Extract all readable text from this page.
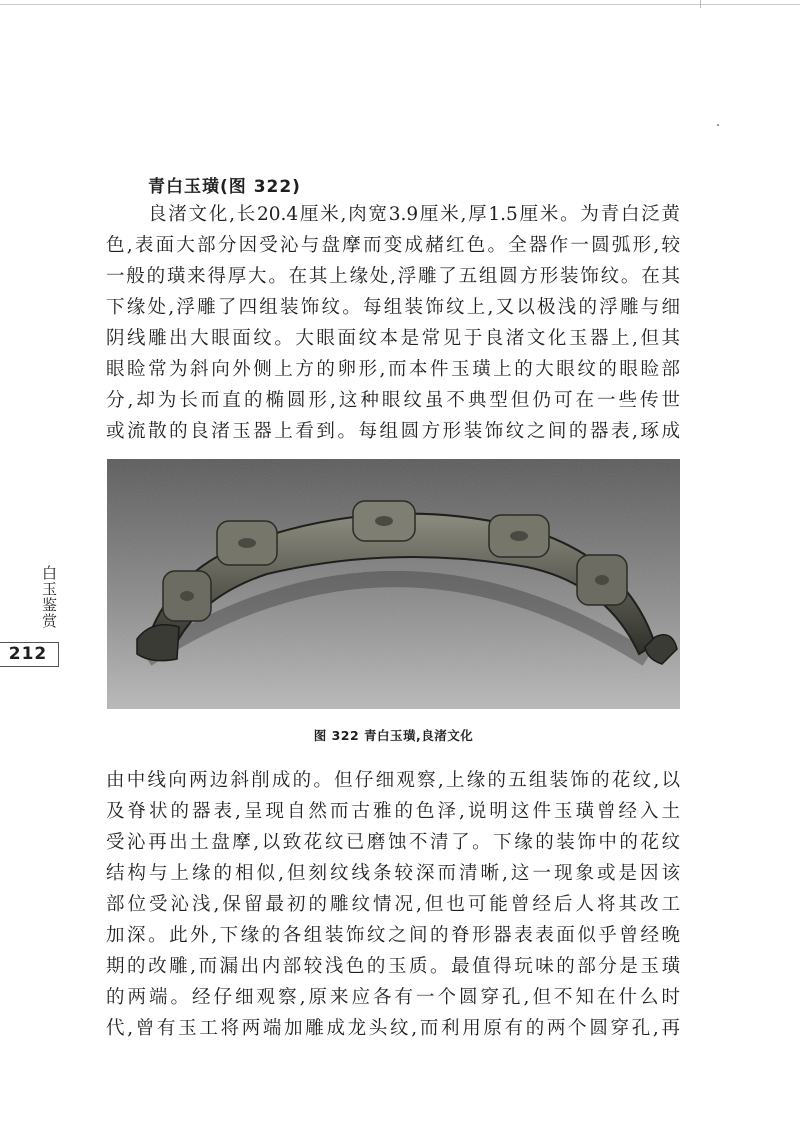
青白玉璜(图 322)
良渚文化,长20.4厘米,肉宽3.9厘米,厚1.5厘米。为青白泛黄
色,表面大部分因受沁与盘摩而变成赭红色。全器作一圆弧形,较
一般的璜来得厚大。在其上缘处,浮雕了五组圆方形装饰纹。在其
下缘处,浮雕了四组装饰纹。每组装饰纹上,又以极浅的浮雕与细
阴线雕出大眼面纹。大眼面纹本是常见于良渚文化玉器上,但其
眼睑常为斜向外侧上方的卵形,而本件玉璜上的大眼纹的眼睑部
分,却为长而直的椭圆形,这种眼纹虽不典型但仍可在一些传世
或流散的良渚玉器上看到。每组圆方形装饰纹之间的器表,琢成
图 322 青白玉璜,良渚文化
由中线向两边斜削成的。但仔细观察,上缘的五组装饰的花纹,以
及脊状的器表,呈现自然而古雅的色泽,说明这件玉璜曾经入土
受沁再出土盘摩,以致花纹已磨蚀不清了。下缘的装饰中的花纹
结构与上缘的相似,但刻纹线条较深而清晰,这一现象或是因该
部位受沁浅,保留最初的雕纹情况,但也可能曾经后人将其改工
加深。此外,下缘的各组装饰纹之间的脊形器表表面似乎曾经晚
期的改雕,而漏出内部较浅色的玉质。最值得玩味的部分是玉璜
的两端。经仔细观察,原来应各有一个圆穿孔,但不知在什么时
代,曾有玉工将两端加雕成龙头纹,而利用原有的两个圆穿孔,再
白玉鉴赏
212
